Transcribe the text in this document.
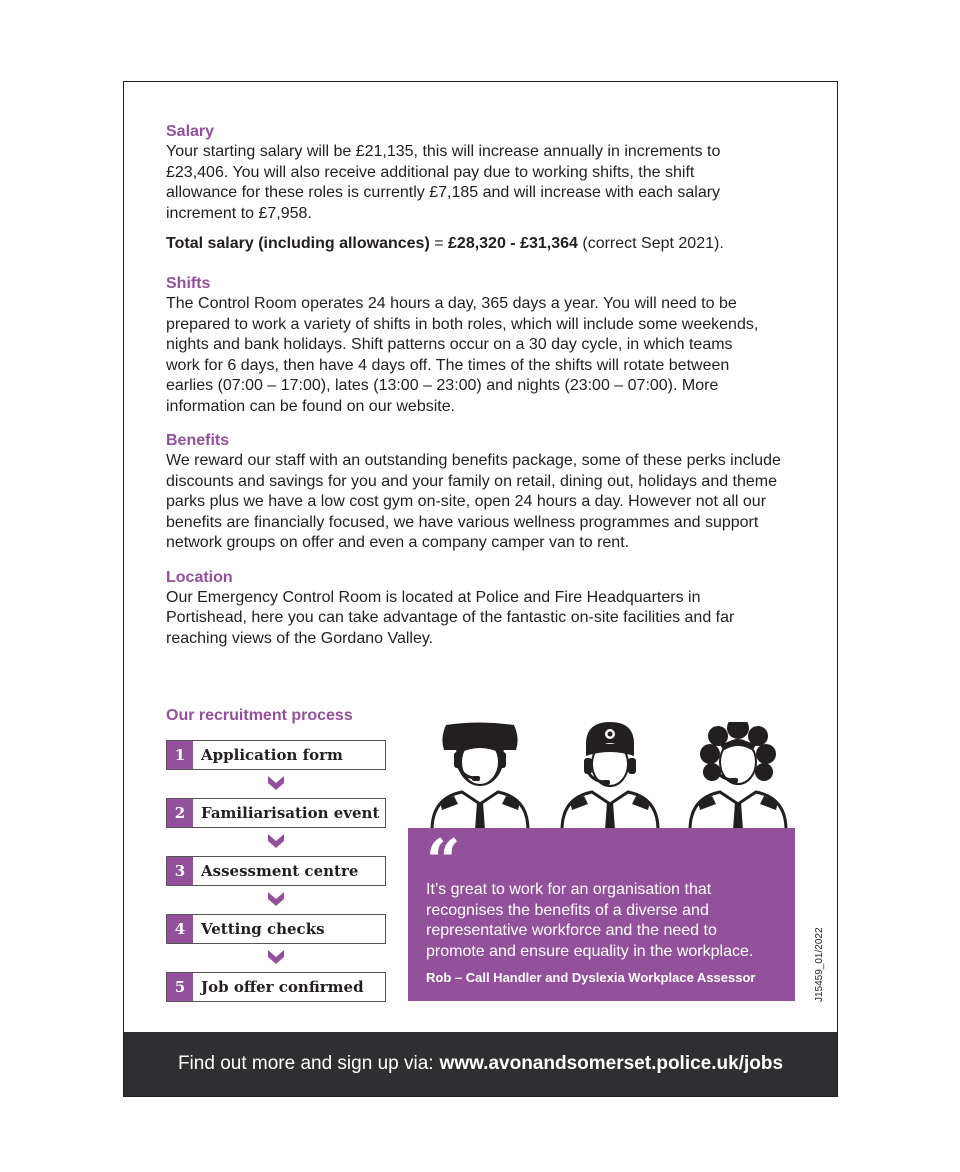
Salary

Your starting salary will be £21,135, this will increase annually in increments to £23,406. You will also receive additional pay due to working shifts, the shift allowance for these roles is currently £7,185 and will increase with each salary increment to £7,958.

Total salary (including allowances) = £28,320 - £31,364 (correct Sept 2021).

Shifts

The Control Room operates 24 hours a day, 365 days a year. You will need to be prepared to work a variety of shifts in both roles, which will include some weekends, nights and bank holidays. Shift patterns occur on a 30 day cycle, in which teams work for 6 days, then have 4 days off. The times of the shifts will rotate between earlies (07:00 – 17:00), lates (13:00 – 23:00) and nights (23:00 – 07:00). More information can be found on our website.

Benefits

We reward our staff with an outstanding benefits package, some of these perks include discounts and savings for you and your family on retail, dining out, holidays and theme parks plus we have a low cost gym on-site, open 24 hours a day. However not all our benefits are financially focused, we have various wellness programmes and support network groups on offer and even a company camper van to rent.

Location

Our Emergency Control Room is located at Police and Fire Headquarters in Portishead, here you can take advantage of the fantastic on-site facilities and far reaching views of the Gordano Valley.

Our recruitment process

1	Application form
2	Familiarisation event
3	Assessment centre
4	Vetting checks
5	Job offer confirmed

“

It’s great to work for an organisation that recognises the benefits of a diverse and representative workforce and the need to promote and ensure equality in the workplace.

Rob – Call Handler and Dyslexia Workplace Assessor	J15459_01/2022
Find out more and sign up via: www.avonandsomerset.police.uk/jobs
